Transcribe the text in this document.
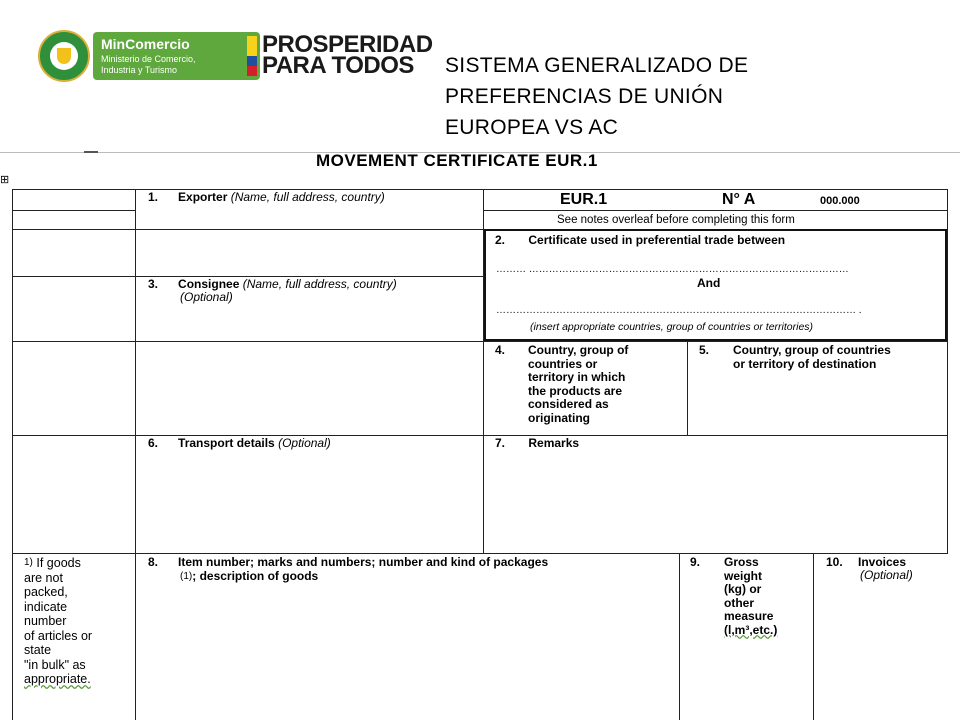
MinComercio
Ministerio de Comercio,
Industria y Turismo
PROSPERIDAD
PARA TODOS	SISTEMA GENERALIZADO DE
PREFERENCIAS DE UNIÓN
EUROPEA VS AC
MOVEMENT CERTIFICATE EUR.1
⊞
1. Exporter (Name, full address, country)	EUR.1	N° A	000.000
See notes overleaf before completing this form
2. Certificate used in preferential trade between
……… ……………………………………………………………………………………
And
……………………………………………………………………………………………… .
(insert appropriate countries, group of countries or territories)
3. Consignee (Name, full address, country)
(Optional)
4. Country, group of
countries or
territory in which
the products are
considered as
originating
5. Country, group of countries
or territory of destination
6. Transport details (Optional)	7. Remarks
$^{1)}$ If goods
are not
packed,
indicate
number
of articles or
state
"in bulk" as
appropriate.
8. Item number; marks and numbers; number and kind of packages
$^{(1)}$; description of goods
9. Gross
weight
(kg) or
other
measure
(l,m³,etc.)
10. Invoices
(Optional)
